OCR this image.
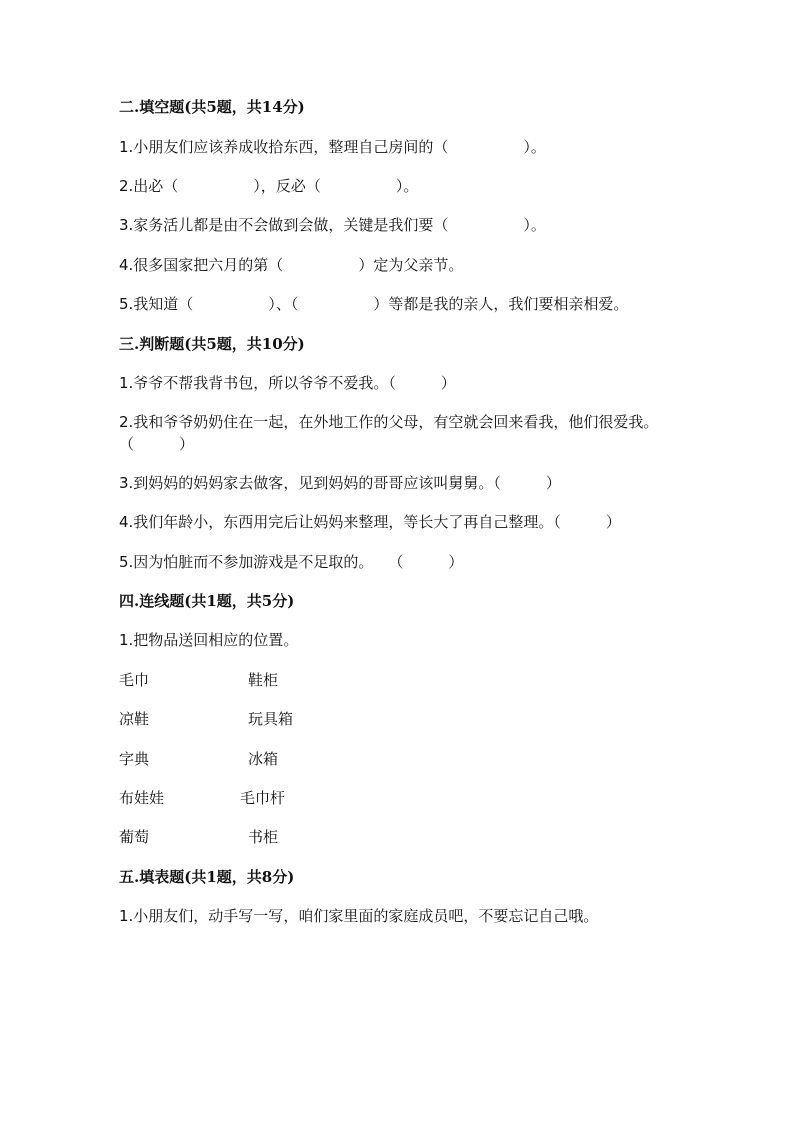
二.填空题(共5题，共14分)
1.小朋友们应该养成收拾东西，整理自己房间的（　　　　　）。
2.出必（　　　　　），反必（　　　　　）。
3.家务活儿都是由不会做到会做，关键是我们要（　　　　　）。
4.很多国家把六月的第（　　　　　）定为父亲节。
5.我知道（　　　　　）、（　　　　　）等都是我的亲人，我们要相亲相爱。
三.判断题(共5题，共10分)
1.爷爷不帮我背书包，所以爷爷不爱我。（　　　）
2.我和爷爷奶奶住在一起，在外地工作的父母，有空就会回来看我，他们很爱我。（　　　）
3.到妈妈的妈妈家去做客，见到妈妈的哥哥应该叫舅舅。（　　　）
4.我们年龄小，东西用完后让妈妈来整理，等长大了再自己整理。（　　　）
5.因为怕脏而不参加游戏是不足取的。　　（　　　）
四.连线题(共1题，共5分)
1.把物品送回相应的位置。
毛巾	鞋柜
凉鞋	玩具箱
字典	冰箱
布娃娃	毛巾杆
葡萄	书柜
五.填表题(共1题，共8分)
1.小朋友们，动手写一写，咱们家里面的家庭成员吧，不要忘记自己哦。
